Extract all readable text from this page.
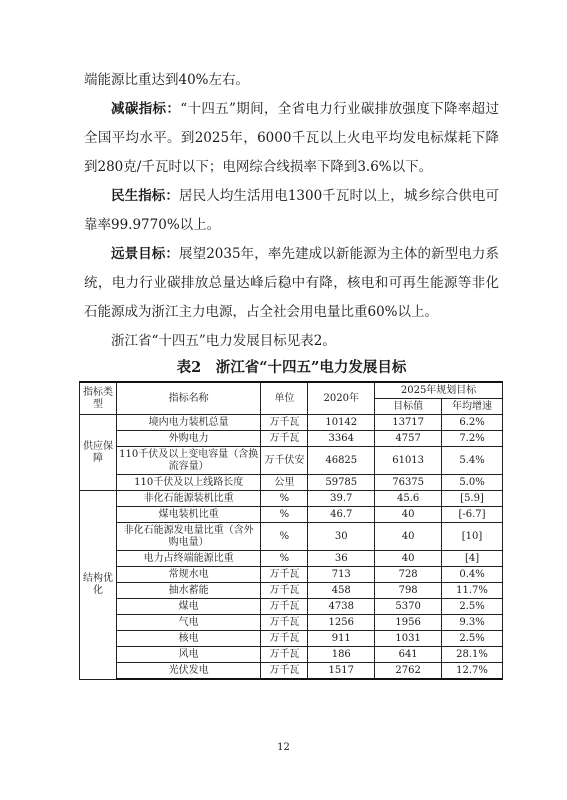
端能源比重达到40%左右。

减碳指标：“十四五”期间，全省电力行业碳排放强度下降率超过全国平均水平。到2025年，6000千瓦以上火电平均发电标煤耗下降到280克/千瓦时以下；电网综合线损率下降到3.6%以下。

民生指标：居民人均生活用电1300千瓦时以上，城乡综合供电可靠率99.9770%以上。

远景目标：展望2035年，率先建成以新能源为主体的新型电力系统，电力行业碳排放总量达峰后稳中有降，核电和可再生能源等非化石能源成为浙江主力电源，占全社会用电量比重60%以上。

浙江省“十四五”电力发展目标见表2。

表2　浙江省“十四五”电力发展目标
指标类型	指标名称	单位	2020年	2025年规划目标	
				目标值	年均增速
供应保障	境内电力装机总量	万千瓦	10142	13717	6.2%
	外购电力	万千瓦	3364	4757	7.2%
	110千伏及以上变电容量（含换流容量）	万千伏安	46825	61013	5.4%
	110千伏及以上线路长度	公里	59785	76375	5.0%
结构优化	非化石能源装机比重	%	39.7	45.6	[5.9]
	煤电装机比重	%	46.7	40	[-6.7]
	非化石能源发电量比重（含外购电量）	%	30	40	[10]
	电力占终端能源比重	%	36	40	[4]
	常规水电	万千瓦	713	728	0.4%
	抽水蓄能	万千瓦	458	798	11.7%
	煤电	万千瓦	4738	5370	2.5%
	气电	万千瓦	1256	1956	9.3%
	核电	万千瓦	911	1031	2.5%
	风电	万千瓦	186	641	28.1%
	光伏发电	万千瓦	1517	2762	12.7%
12
